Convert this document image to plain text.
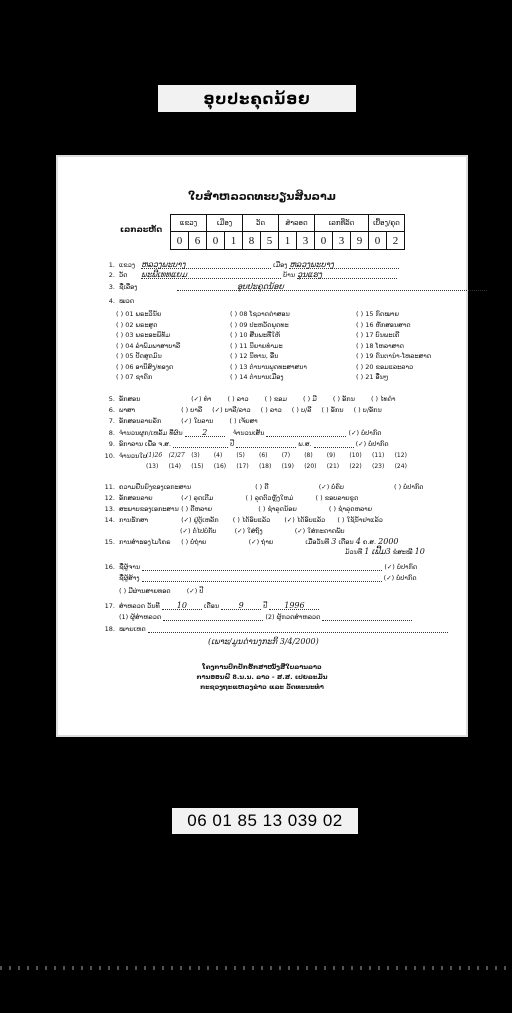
ອຸບປະຄຸດນ້ອຍ
ໃບສໍາຫລວດທະບຽນສິນລາມ
ເລກລະຫັດ
ແຂວງ		ເມືອງ		ວັດ		ສໍາລອດ		ເລກທີ່ລັດ			ເບື້ອງ/ຄຸດ	
0	6	0	1	8	5	1	3	0	3	9	0	2
1. ແຂວງ ຫລວງພະບາງ	ເມືອງ ຫລວງພະບາງ
2. ວັດ ພະພີເທທແຍມ	ບ້ານ ວຸນແຮງ
3. ຊື່ເລື່ອງ	ອຸບປະຄຸດນ້ອຍ
4. ໝວດ
( ) 01 ພຣະວິນັຍ
( ) 02 ພຣະສູດ
( ) 03 ພຣະອະພິທັມ
( ) 04 ລໍາພົມພາສາບາລີ
( ) 05 ປັດສູດມົນ
( ) 06 ອານິສົງ/ທອງດ
( ) 07 ຊາດົກ
( ) 08 ໂຊວາດດ່າສອນ
( ) 09 ປະຫວັດພຸດທະ
( ) 10 ສີ່ນພະທີ່ໃຫ້
( ) 11 ນິຍາຍທໍາມະ
( ) 12 ນິທານ, ອື່ນ
( ) 13 ຕໍານານພຸດທະສາສນາ
( ) 14 ຕໍານານເມືອງ
( ) 15 ກົດໝາຍ
( ) 16 ຫັກສອນສາດ
( ) 17 ບົນພະເຄີ
( ) 18 ໂຫລາສາດ
( ) 19 ດົນຕານຳ-ໂຫລະສາດ
( ) 20 ຂອມແລະລາວ
( ) 21 ອື່ນໆ
5. ອັກສອນ	(✓) ທໍາ ( ) ລາວ ( ) ຂອມ ( ) ມີ ( ) ອັກນ ( ) ໄທດໍາ
6. ພາສາ	( ) ບາລີ (✓) ບາລີ/ລາວ ( ) ລາວ ( ) ບ/ລີ ( ) ອັກນ ( ) ບ/ອັກນ
7. ອັກສອນລາຍລັກ	(✓) ໃບລານ ( ) ເຈ້ຍສາ
8. ຈໍານວນຜູກ/ເຫລັ້ມ ທີ່ຜົນ 2	ຈໍານວນເສັ້ນ	(✓) ບໍ່ປາກົດ
9. ອົກາລານ ເພື່ອ ຈ.ສ.	ປີ	ພ.ສ.	(✓) ບໍ່ປາກົດ
10. ຈໍານວນໃບ (1)26 (2)27 (3) (4) (5) (6) (7) (8) (9) (10) (11) (12)
(13) (14) (15) (16) (17) (18) (19) (20) (21) (22) (23) (24)
11. ຄວາມຍືນຍົງຂອງເອກະສານ	( ) ດີ	(✓) ບໍ່ຄົບ	( ) ບໍ່ປາກົດ
12. ອັກສອນລາຍ	(✓) ລຸດເຕີມ	( ) ລຸດຕົວຫຼັງໃຫມ່	( ) ຂອບລາຍຂູດ
13. ສະພາບຂອງເອກະສານ ( ) ດີຫລາຍ	( ) ຊໍາລຸດນ້ອຍ	( ) ຊໍາລຸດຫລາຍ
14. ການຮັກສາ	(✓) ຢູ່ຕູ້ເຫລັກ ( ) ໄດ້ອົບແລ້ວ (✓) ໄດ້ອົບແລ້ວ ( ) ໃຊ້ນ້ຳຢາແລ້ວ
(✓) ຕໍ່ໄປບໍ່ກັບ	(✓) ໃສ່ຖົງ	(✓) ໃສ່ກະດາດພັບ
15. ການສໍາຮອງໄມໂຄຣ ( ) ບໍ່ຖ່າຍ	(✓) ຖ່າຍ	ເມື່ອວັນທີ 3 ເດືອນ 4 ຄ.ສ. 2000
ມ້ວນທີ 1 ເຟີ້ມ3 ຂໍສະໝີ 10
16. ຊື່ຜູ້ຈານ	(✓) ບໍ່ປາກົດ
ຊື່ຜູ້ສ້າງ	(✓) ບໍ່ປາກົດ
( ) ມີຜ່ານສາຍທອດ (✓) ປີ
17. ສໍາຫລວດ ວັນທີ 10	ເດືອນ 9	ປີ 1996
(1) ຜູ້ສໍາຫລວດ	(2) ຜູ້ກວດສໍາຫລວດ
18. ໝາຍເຫດ
(ເພາະ/ມູນດ່ານງກະກິ 3/4/2000)
ໂຄງການປົກປັກຮັກສາໜັງສືໃບລານລາວ
ການອອນພີ 8.ນ.ນ. ລາວ - ສ.ສ. ເປຍລະມັນ
ກະຊວງຖະແຫລງຂ່າວ ແລະ ວັດທະນະທໍາ
06 01 85 13 039 02
